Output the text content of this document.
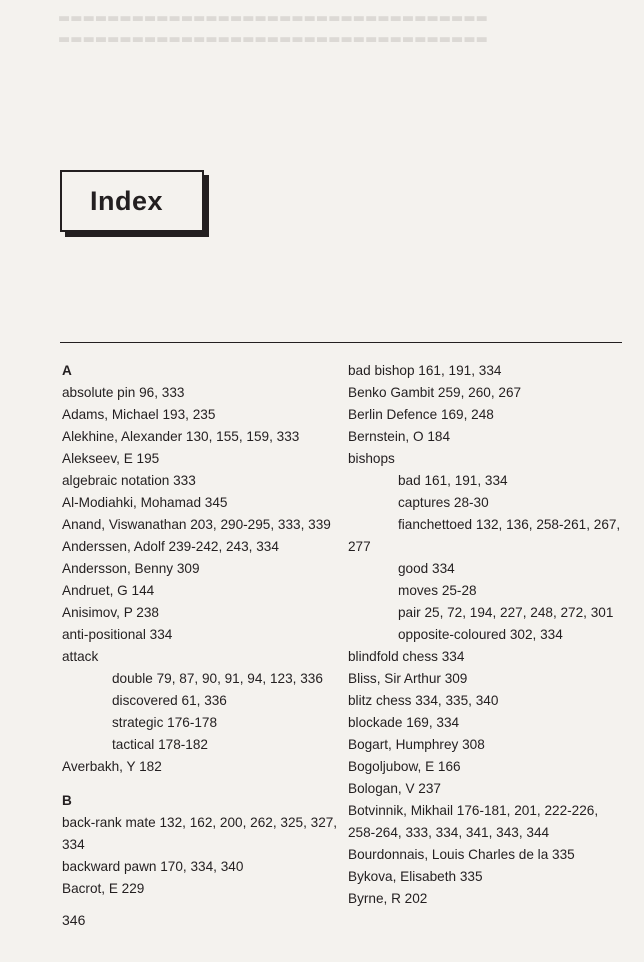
▬▬▬▬▬▬▬▬▬▬▬▬▬▬▬▬▬▬▬▬▬▬▬▬▬▬▬▬▬▬▬▬▬▬▬
▬▬▬▬▬▬▬▬▬▬▬▬▬▬▬▬▬▬▬▬▬▬▬▬▬▬▬▬▬▬▬▬▬▬▬
Index
A
absolute pin 96, 333
Adams, Michael 193, 235
Alekhine, Alexander 130, 155, 159, 333
Alekseev, E 195
algebraic notation 333
Al-Modiahki, Mohamad 345
Anand, Viswanathan 203, 290-295, 333, 339
Anderssen, Adolf 239-242, 243, 334
Andersson, Benny 309
Andruet, G 144
Anisimov, P 238
anti-positional 334
attack
double 79, 87, 90, 91, 94, 123, 336
discovered 61, 336
strategic 176-178
tactical 178-182
Averbakh, Y 182
B
back-rank mate 132, 162, 200, 262, 325, 327,
334
backward pawn 170, 334, 340
Bacrot, E 229
bad bishop 161, 191, 334
Benko Gambit 259, 260, 267
Berlin Defence 169, 248
Bernstein, O 184
bishops
bad 161, 191, 334
captures 28-30
fianchettoed 132, 136, 258-261, 267,
277
good 334
moves 25-28
pair 25, 72, 194, 227, 248, 272, 301
opposite-coloured 302, 334
blindfold chess 334
Bliss, Sir Arthur 309
blitz chess 334, 335, 340
blockade 169, 334
Bogart, Humphrey 308
Bogoljubow, E 166
Bologan, V 237
Botvinnik, Mikhail 176-181, 201, 222-226,
258-264, 333, 334, 341, 343, 344
Bourdonnais, Louis Charles de la 335
Bykova, Elisabeth 335
Byrne, R 202
346
